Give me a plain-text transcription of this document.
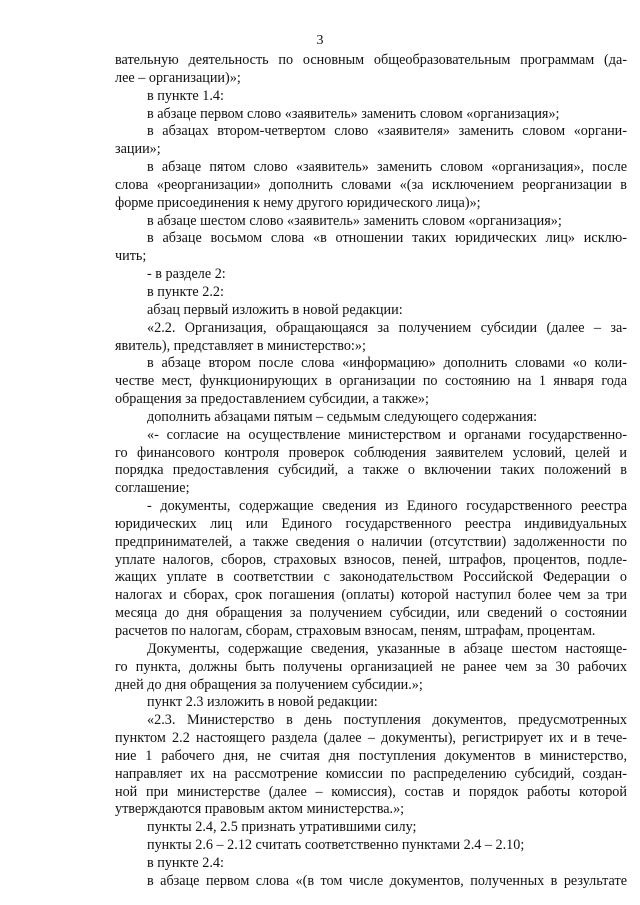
3
вательную деятельность по основным общеобразовательным программам (да-
лее – организации)»;
в пункте 1.4:
в абзаце первом слово «заявитель» заменить словом «организация»;
в абзацах втором-четвертом слово «заявителя» заменить словом «органи-
зации»;
в абзаце пятом слово «заявитель» заменить словом «организация», после
слова «реорганизации» дополнить словами «(за исключением реорганизации в
форме присоединения к нему другого юридического лица)»;
в абзаце шестом слово «заявитель» заменить словом «организация»;
в абзаце восьмом слова «в отношении таких юридических лиц» исклю-
чить;
- в разделе 2:
в пункте 2.2:
абзац первый изложить в новой редакции:
«2.2. Организация, обращающаяся за получением субсидии (далее – за-
явитель), представляет в министерство:»;
в абзаце втором после слова «информацию» дополнить словами «о коли-
честве мест, функционирующих в организации по состоянию на 1 января года
обращения за предоставлением субсидии, а также»;
дополнить абзацами пятым – седьмым следующего содержания:
«- согласие на осуществление министерством и органами государственно-
го финансового контроля проверок соблюдения заявителем условий, целей и
порядка предоставления субсидий, а также о включении таких положений в
соглашение;
- документы, содержащие сведения из Единого государственного реестра
юридических лиц или Единого государственного реестра индивидуальных
предпринимателей, а также сведения о наличии (отсутствии) задолженности по
уплате налогов, сборов, страховых взносов, пеней, штрафов, процентов, подле-
жащих уплате в соответствии с законодательством Российской Федерации о
налогах и сборах, срок погашения (оплаты) которой наступил более чем за три
месяца до дня обращения за получением субсидии, или сведений о состоянии
расчетов по налогам, сборам, страховым взносам, пеням, штрафам, процентам.
Документы, содержащие сведения, указанные в абзаце шестом настояще-
го пункта, должны быть получены организацией не ранее чем за 30 рабочих
дней до дня обращения за получением субсидии.»;
пункт 2.3 изложить в новой редакции:
«2.3. Министерство в день поступления документов, предусмотренных
пунктом 2.2 настоящего раздела (далее – документы), регистрирует их и в тече-
ние 1 рабочего дня, не считая дня поступления документов в министерство,
направляет их на рассмотрение комиссии по распределению субсидий, создан-
ной при министерстве (далее – комиссия), состав и порядок работы которой
утверждаются правовым актом министерства.»;
пункты 2.4, 2.5 признать утратившими силу;
пункты 2.6 – 2.12 считать соответственно пунктами 2.4 – 2.10;
в пункте 2.4:
в абзаце первом слова «(в том числе документов, полученных в результате
